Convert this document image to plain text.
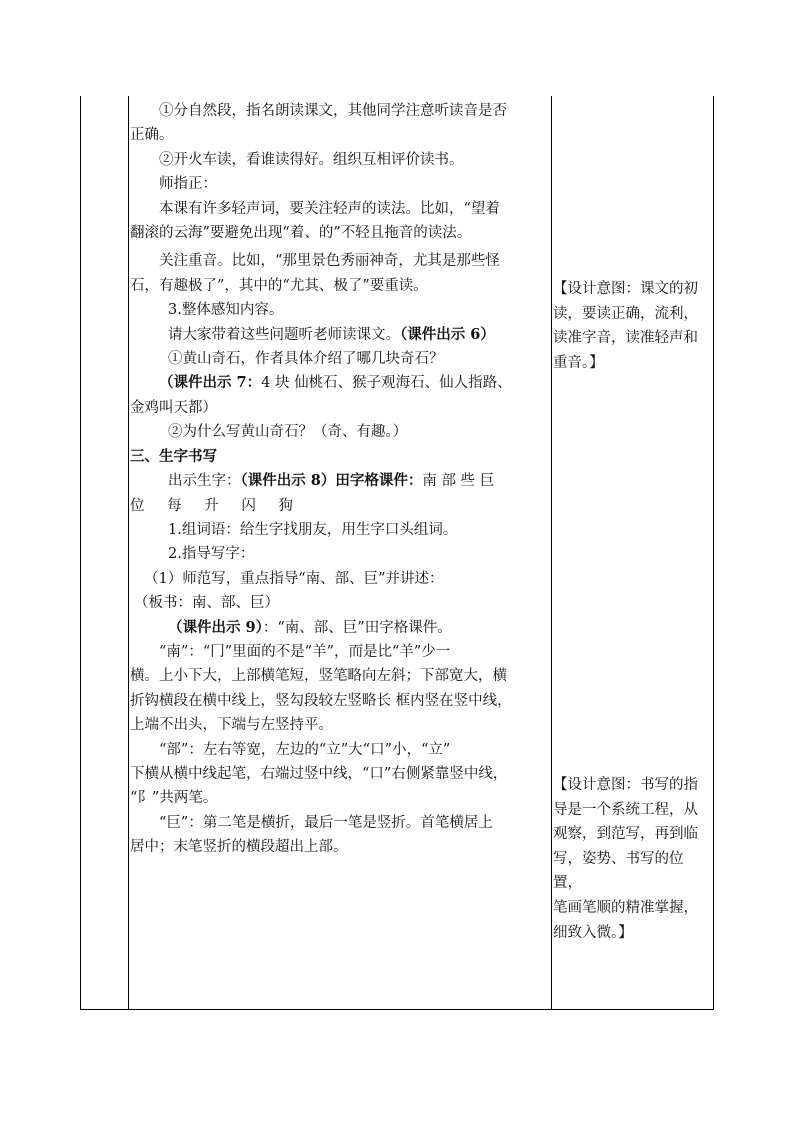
①分自然段，指名朗读课文，其他同学注意听读音是否

正确。

②开火车读，看谁读得好。组织互相评价读书。

师指正：

本课有许多轻声词，要关注轻声的读法。比如，“望着

翻滚的云海”要避免出现“着、的”不轻且拖音的读法。

关注重音。比如，“那里景色秀丽神奇，尤其是那些怪

石，有趣极了”，其中的“尤其、极了”要重读。

3.整体感知内容。

请大家带着这些问题听老师读课文。（课件出示 6）

①黄山奇石，作者具体介绍了哪几块奇石？

（课件出示 7：4 块 仙桃石、猴子观海石、仙人指路、

金鸡叫天都）

②为什么写黄山奇石？（奇、有趣。）

三、生字书写

出示生字：（课件出示 8）田字格课件：南 部 些 巨

位 每 升 闪 狗

1.组词语：给生字找朋友，用生字口头组词。

2.指导写字：

（1）师范写，重点指导“南、部、巨”并讲述：

（板书：南、部、巨）

（课件出示 9）：“南、部、巨”田字格课件。

“南”：“冂”里面的不是“羊”，而是比“羊”少一

横。上小下大，上部横笔短，竖笔略向左斜；下部宽大，横

折钩横段在横中线上，竖勾段较左竖略长 框内竖在竖中线，

上端不出头，下端与左竖持平。

“部”：左右等宽，左边的“立”大“口”小，“立”

下横从横中线起笔，右端过竖中线，“口”右侧紧靠竖中线，

“阝”共两笔。

“巨”：第二笔是横折，最后一笔是竖折。首笔横居上

居中；末笔竖折的横段超出上部。

【设计意图：课文的初

读，要读正确，流利，

读准字音，读准轻声和

重音。】

【设计意图：书写的指

导是一个系统工程，从

观察，到范写，再到临

写，姿势、书写的位置，

笔画笔顺的精准掌握，

细致入微。】
